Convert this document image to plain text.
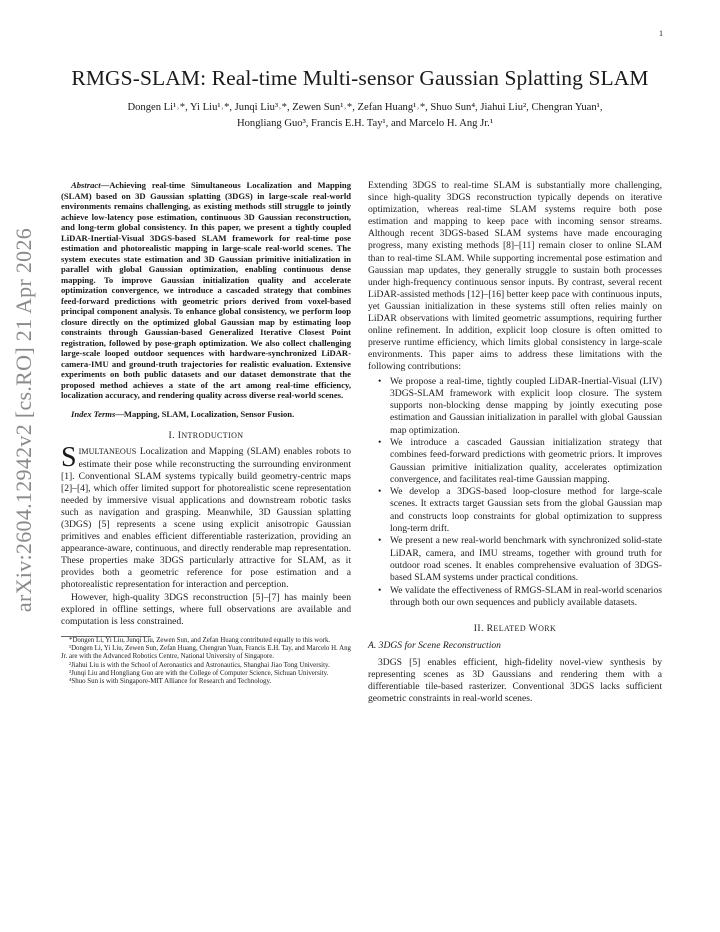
1
arXiv:2604.12942v2 [cs.RO] 21 Apr 2026
RMGS-SLAM: Real-time Multi-sensor Gaussian Splatting SLAM
Dongen Li¹˒*, Yi Liu¹˒*, Junqi Liu³˒*, Zewen Sun¹˒*, Zefan Huang¹˒*, Shuo Sun⁴, Jiahui Liu², Chengran Yuan¹,
Hongliang Guo³, Francis E.H. Tay¹, and Marcelo H. Ang Jr.¹

Abstract—Achieving real-time Simultaneous Localization and Mapping (SLAM) based on 3D Gaussian splatting (3DGS) in large-scale real-world environments remains challenging, as existing methods still struggle to jointly achieve low-latency pose estimation, continuous 3D Gaussian reconstruction, and long-term global consistency. In this paper, we present a tightly coupled LiDAR-Inertial-Visual 3DGS-based SLAM framework for real-time pose estimation and photorealistic mapping in large-scale real-world scenes. The system executes state estimation and 3D Gaussian primitive initialization in parallel with global Gaussian optimization, enabling continuous dense mapping. To improve Gaussian initialization quality and accelerate optimization convergence, we introduce a cascaded strategy that combines feed-forward predictions with geometric priors derived from voxel-based principal component analysis. To enhance global consistency, we perform loop closure directly on the optimized global Gaussian map by estimating loop constraints through Gaussian-based Generalized Iterative Closest Point registration, followed by pose-graph optimization. We also collect challenging large-scale looped outdoor sequences with hardware-synchronized LiDAR-camera-IMU and ground-truth trajectories for realistic evaluation. Extensive experiments on both public datasets and our dataset demonstrate that the proposed method achieves a state of the art among real-time efficiency, localization accuracy, and rendering quality across diverse real-world scenes.

Index Terms—Mapping, SLAM, Localization, Sensor Fusion.

I. INTRODUCTION

SIMULTANEOUS Localization and Mapping (SLAM) enables robots to estimate their pose while reconstructing the surrounding environment [1]. Conventional SLAM systems typically build geometry-centric maps [2]–[4], which offer limited support for photorealistic scene representation needed by immersive visual applications and downstream robotic tasks such as navigation and grasping. Meanwhile, 3D Gaussian splatting (3DGS) [5] represents a scene using explicit anisotropic Gaussian primitives and enables efficient differentiable rasterization, providing an appearance-aware, continuous, and directly renderable map representation. These properties make 3DGS particularly attractive for SLAM, as it provides both a geometric reference for pose estimation and a photorealistic representation for interaction and perception.

However, high-quality 3DGS reconstruction [5]–[7] has mainly been explored in offline settings, where full observations are available and computation is less constrained.

*Dongen Li, Yi Liu, Junqi Liu, Zewen Sun, and Zefan Huang contributed equally to this work.

¹Dongen Li, Yi Liu, Zewen Sun, Zefan Huang, Chengran Yuan, Francis E.H. Tay, and Marcelo H. Ang Jr. are with the Advanced Robotics Centre, National University of Singapore.

²Jiahui Liu is with the School of Aeronautics and Astronautics, Shanghai Jiao Tong University.

³Junqi Liu and Hongliang Guo are with the College of Computer Science, Sichuan University.

⁴Shuo Sun is with Singapore-MIT Alliance for Research and Technology.

Extending 3DGS to real-time SLAM is substantially more challenging, since high-quality 3DGS reconstruction typically depends on iterative optimization, whereas real-time SLAM systems require both pose estimation and mapping to keep pace with incoming sensor streams. Although recent 3DGS-based SLAM systems have made encouraging progress, many existing methods [8]–[11] remain closer to online SLAM than to real-time SLAM. While supporting incremental pose estimation and Gaussian map updates, they generally struggle to sustain both processes under high-frequency continuous sensor inputs. By contrast, several recent LiDAR-assisted methods [12]–[16] better keep pace with continuous inputs, yet Gaussian initialization in these systems still often relies mainly on LiDAR observations with limited geometric assumptions, requiring further online refinement. In addition, explicit loop closure is often omitted to preserve runtime efficiency, which limits global consistency in large-scale environments. This paper aims to address these limitations with the following contributions:

• We propose a real-time, tightly coupled LiDAR-Inertial-Visual (LIV) 3DGS-SLAM framework with explicit loop closure. The system supports non-blocking dense mapping by jointly executing pose estimation and Gaussian initialization in parallel with global Gaussian map optimization.
• We introduce a cascaded Gaussian initialization strategy that combines feed-forward predictions with geometric priors. It improves Gaussian primitive initialization quality, accelerates optimization convergence, and facilitates real-time Gaussian mapping.
• We develop a 3DGS-based loop-closure method for large-scale scenes. It extracts target Gaussian sets from the global Gaussian map and constructs loop constraints for global optimization to suppress long-term drift.
• We present a new real-world benchmark with synchronized solid-state LiDAR, camera, and IMU streams, together with ground truth for outdoor road scenes. It enables comprehensive evaluation of 3DGS-based SLAM systems under practical conditions.
• We validate the effectiveness of RMGS-SLAM in real-world scenarios through both our own sequences and publicly available datasets.
II. RELATED WORK
A. 3DGS for Scene Reconstruction

3DGS [5] enables efficient, high-fidelity novel-view synthesis by representing scenes as 3D Gaussians and rendering them with a differentiable tile-based rasterizer. Conventional 3DGS lacks sufficient geometric constraints in real-world scenes.
